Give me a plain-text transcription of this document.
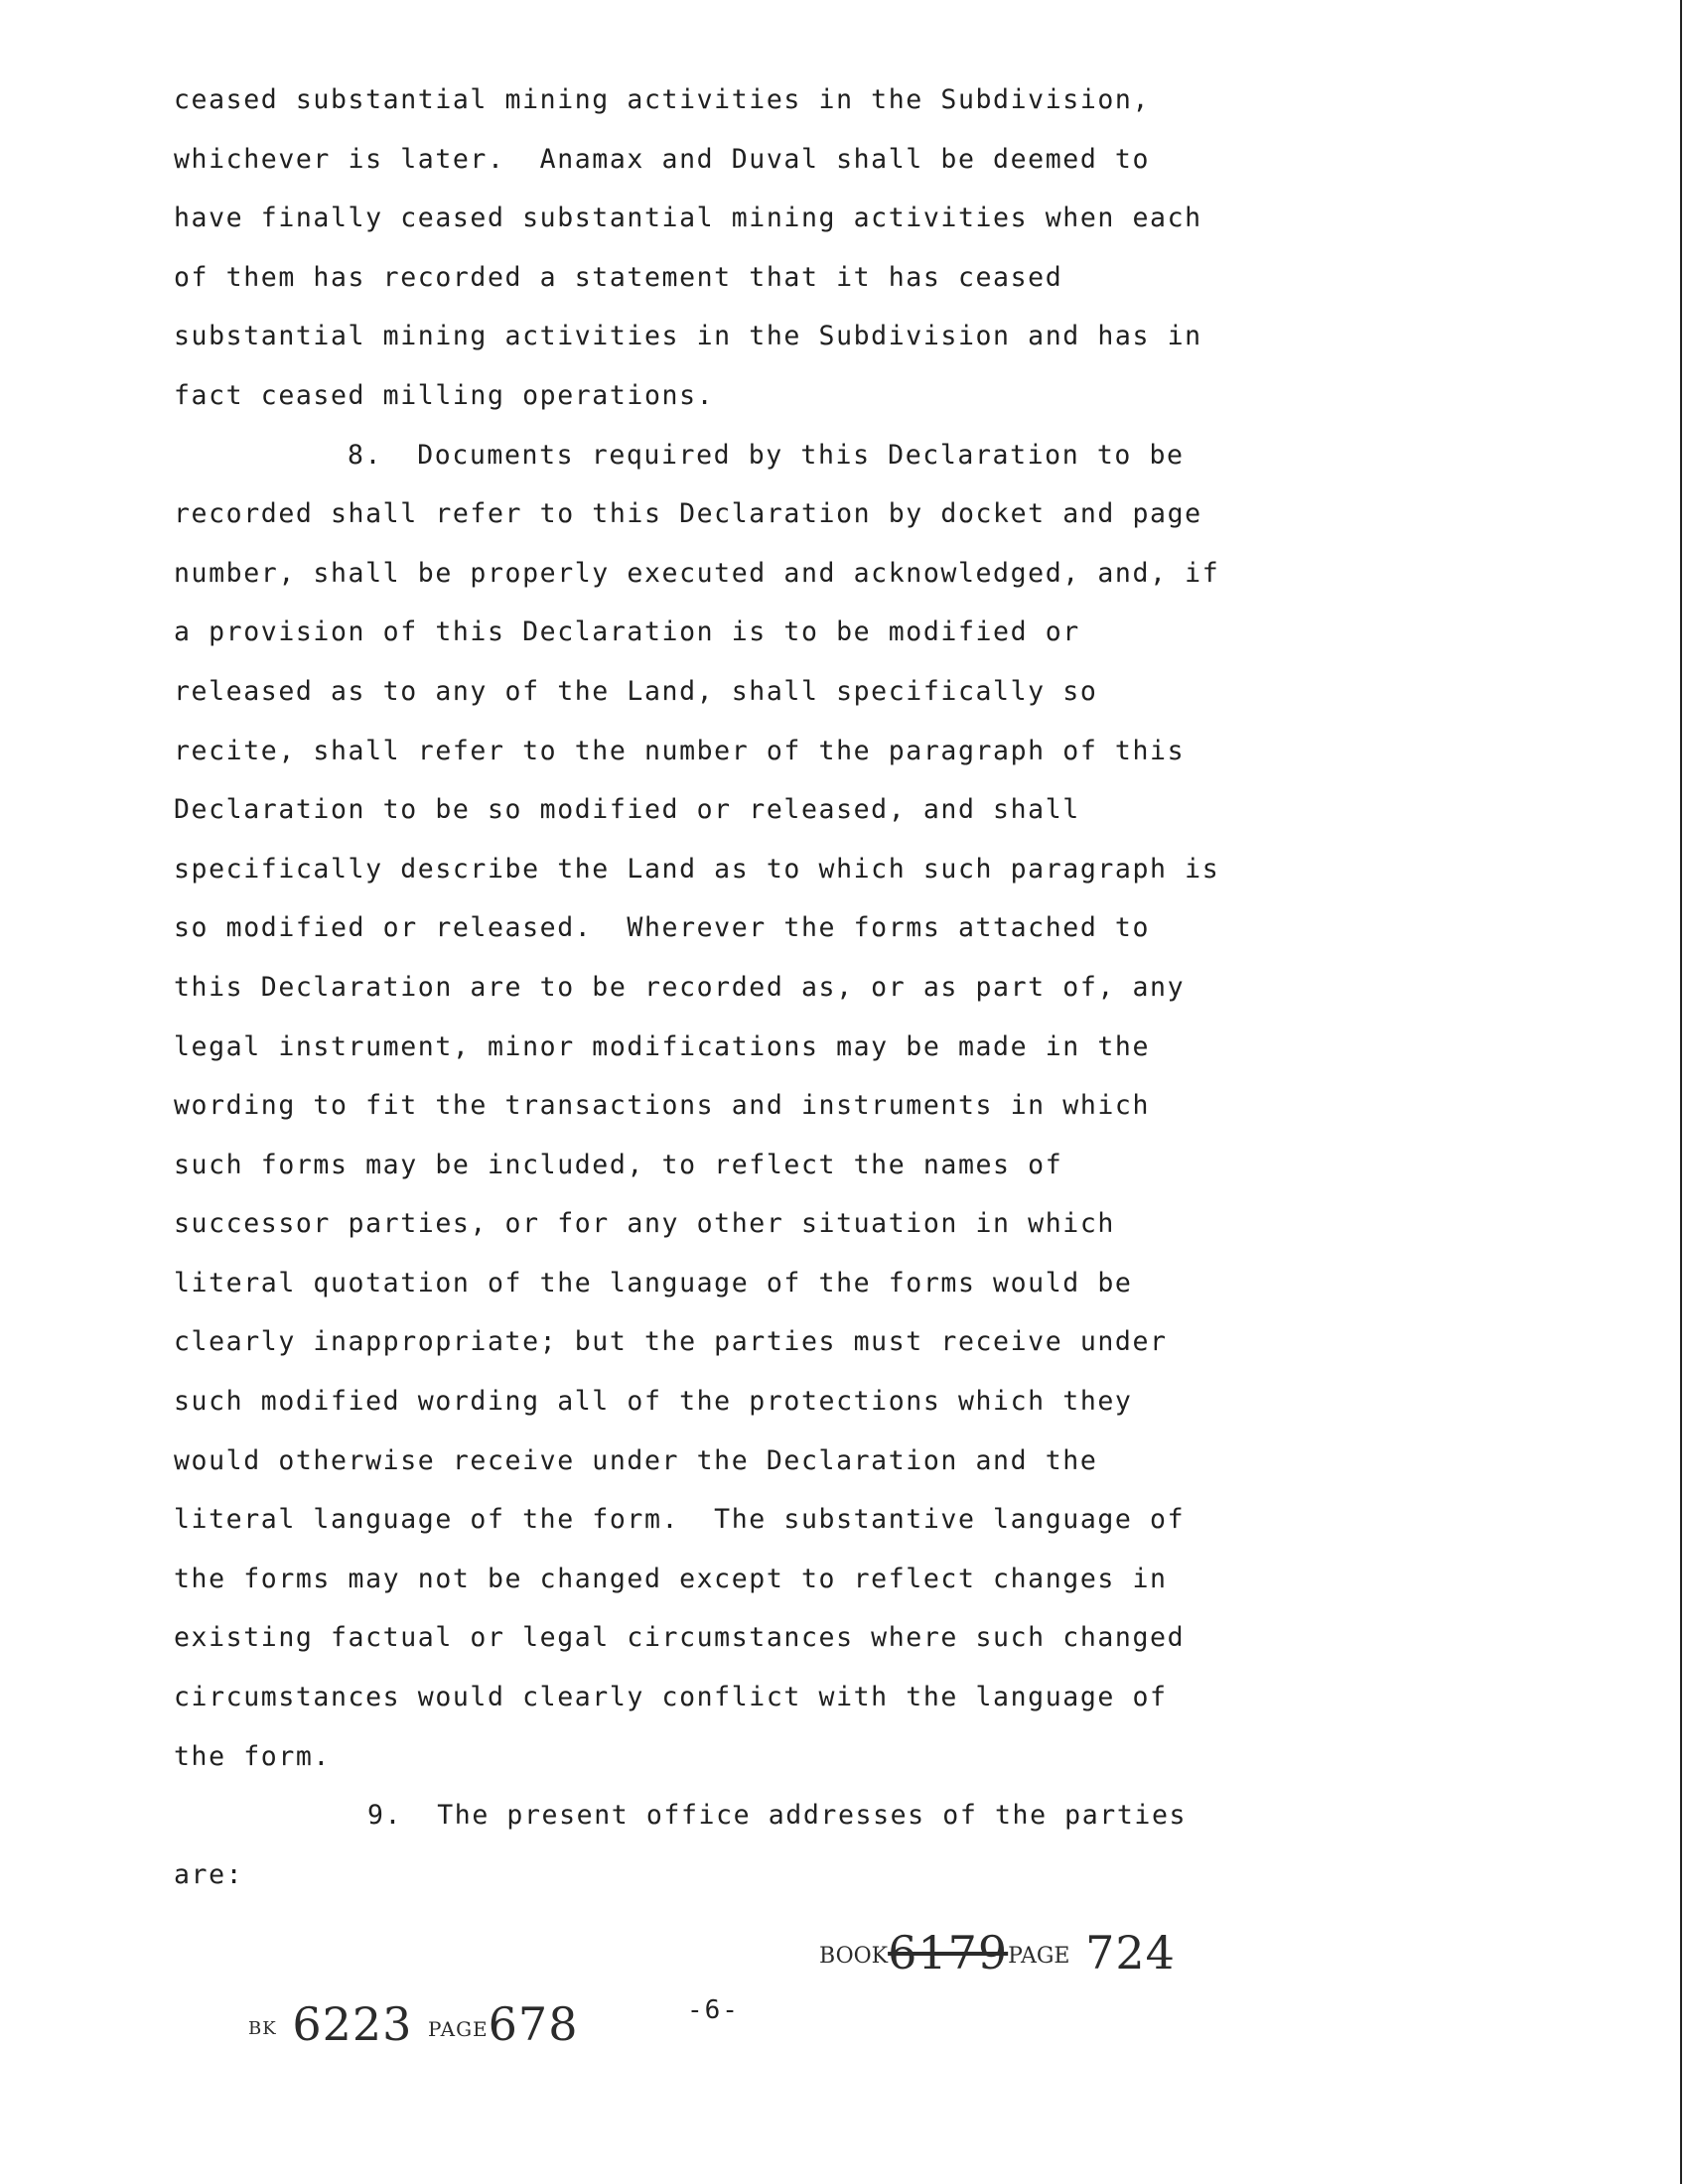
ceased substantial mining activities in the Subdivision,
whichever is later.  Anamax and Duval shall be deemed to
have finally ceased substantial mining activities when each
of them has recorded a statement that it has ceased
substantial mining activities in the Subdivision and has in
fact ceased milling operations.
8.  Documents required by this Declaration to be
recorded shall refer to this Declaration by docket and page
number, shall be properly executed and acknowledged, and, if
a provision of this Declaration is to be modified or
released as to any of the Land, shall specifically so
recite, shall refer to the number of the paragraph of this
Declaration to be so modified or released, and shall
specifically describe the Land as to which such paragraph is
so modified or released.  Wherever the forms attached to
this Declaration are to be recorded as, or as part of, any
legal instrument, minor modifications may be made in the
wording to fit the transactions and instruments in which
such forms may be included, to reflect the names of
successor parties, or for any other situation in which
literal quotation of the language of the forms would be
clearly inappropriate; but the parties must receive under
such modified wording all of the protections which they
would otherwise receive under the Declaration and the
literal language of the form.  The substantive language of
the forms may not be changed except to reflect changes in
existing factual or legal circumstances where such changed
circumstances would clearly conflict with the language of
the form.
9.  The present office addresses of the parties
are:
BOOK6179PAGE 724
-6-
BK 6223 PAGE678
